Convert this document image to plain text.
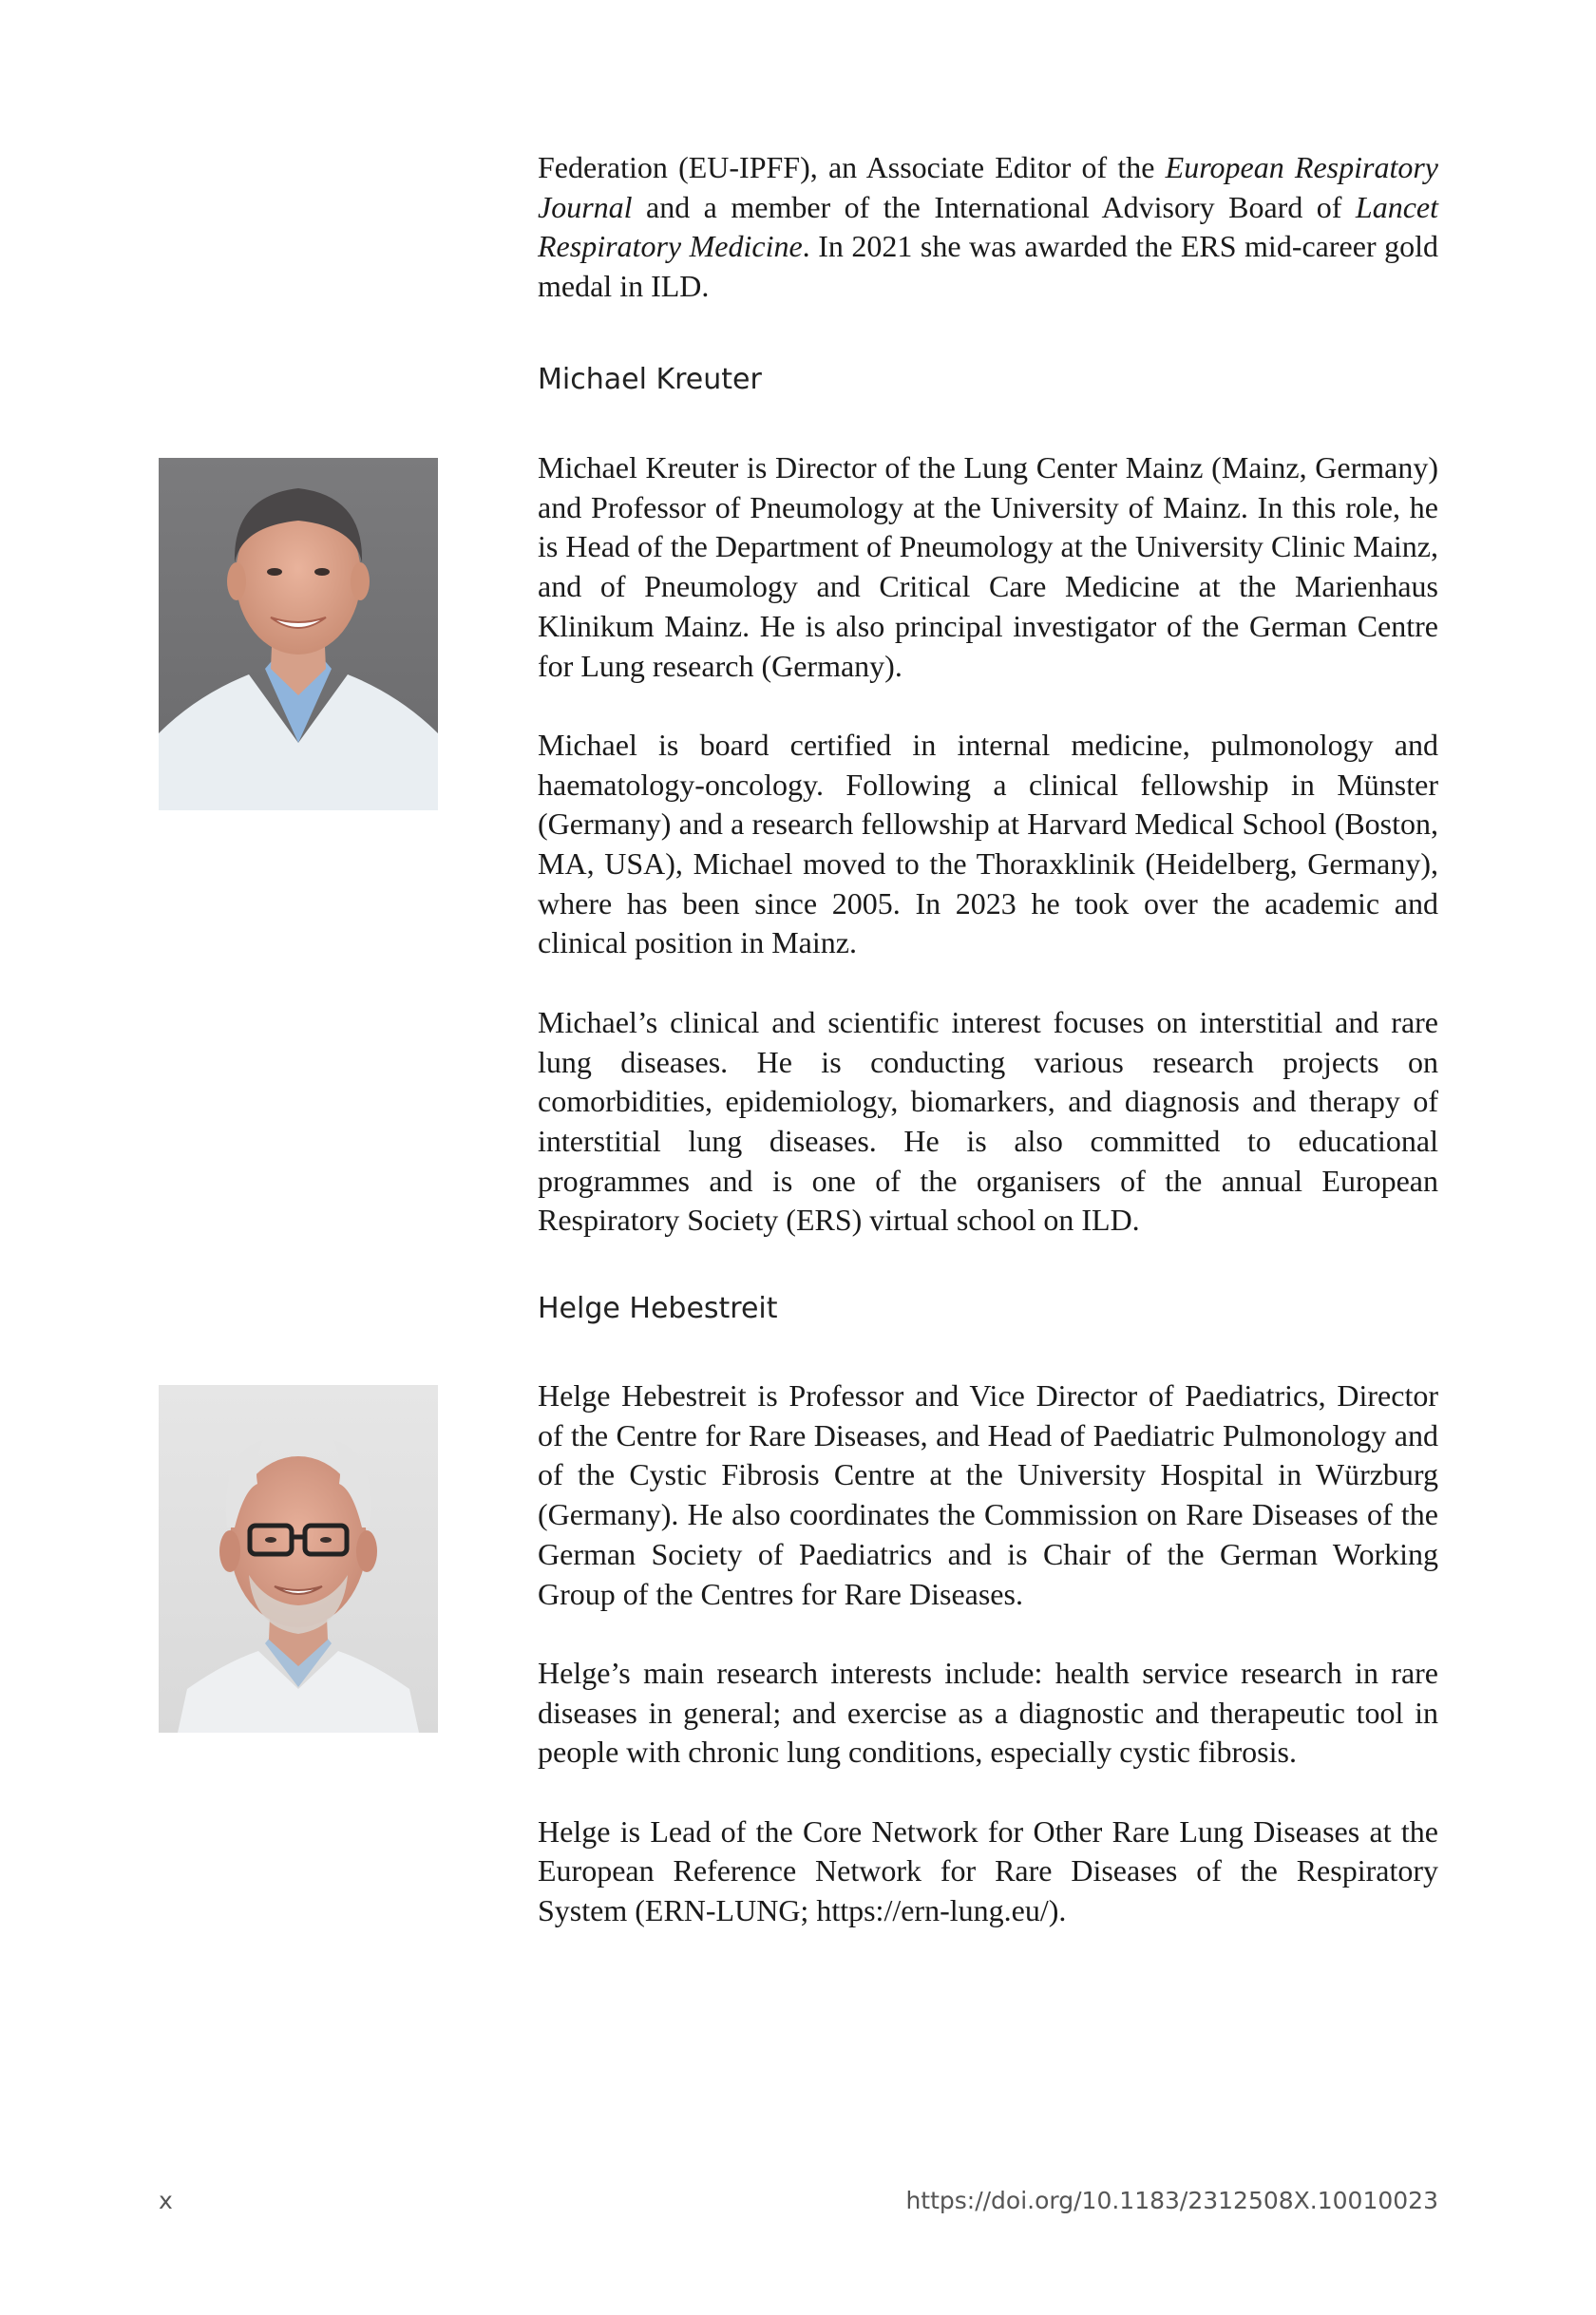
Federation (EU-IPFF), an Associate Editor of the European Respiratory Journal and a member of the International Advisory Board of Lancet Respiratory Medicine. In 2021 she was awarded the ERS mid-career gold medal in ILD.

Michael Kreuter

Michael Kreuter is Director of the Lung Center Mainz (Mainz, Germany) and Professor of Pneumology at the University of Mainz. In this role, he is Head of the Department of Pneumology at the University Clinic Mainz, and of Pneumology and Critical Care Medicine at the Marienhaus Klinikum Mainz. He is also principal investigator of the German Centre for Lung research (Germany).

Michael is board certified in internal medicine, pulmonology and haematology-oncology. Following a clinical fellowship in Münster (Germany) and a research fellowship at Harvard Medical School (Boston, MA, USA), Michael moved to the Thoraxklinik (Heidelberg, Germany), where has been since 2005. In 2023 he took over the academic and clinical position in Mainz.

Michael’s clinical and scientific interest focuses on interstitial and rare lung diseases. He is conducting various research projects on comorbidities, epidemiology, biomarkers, and diagnosis and therapy of interstitial lung diseases. He is also committed to educational programmes and is one of the organisers of the annual European Respiratory Society (ERS) virtual school on ILD.

Helge Hebestreit

Helge Hebestreit is Professor and Vice Director of Paediatrics, Director of the Centre for Rare Diseases, and Head of Paediatric Pulmonology and of the Cystic Fibrosis Centre at the University Hospital in Würzburg (Germany). He also coordinates the Commission on Rare Diseases of the German Society of Paediatrics and is Chair of the German Working Group of the Centres for Rare Diseases.

Helge’s main research interests include: health service research in rare diseases in general; and exercise as a diagnostic and therapeutic tool in people with chronic lung conditions, especially cystic fibrosis.

Helge is Lead of the Core Network for Other Rare Lung Diseases at the European Reference Network for Rare Diseases of the Respiratory System (ERN-LUNG; https://ern-lung.eu/).

x	https://doi.org/10.1183/2312508X.10010023
